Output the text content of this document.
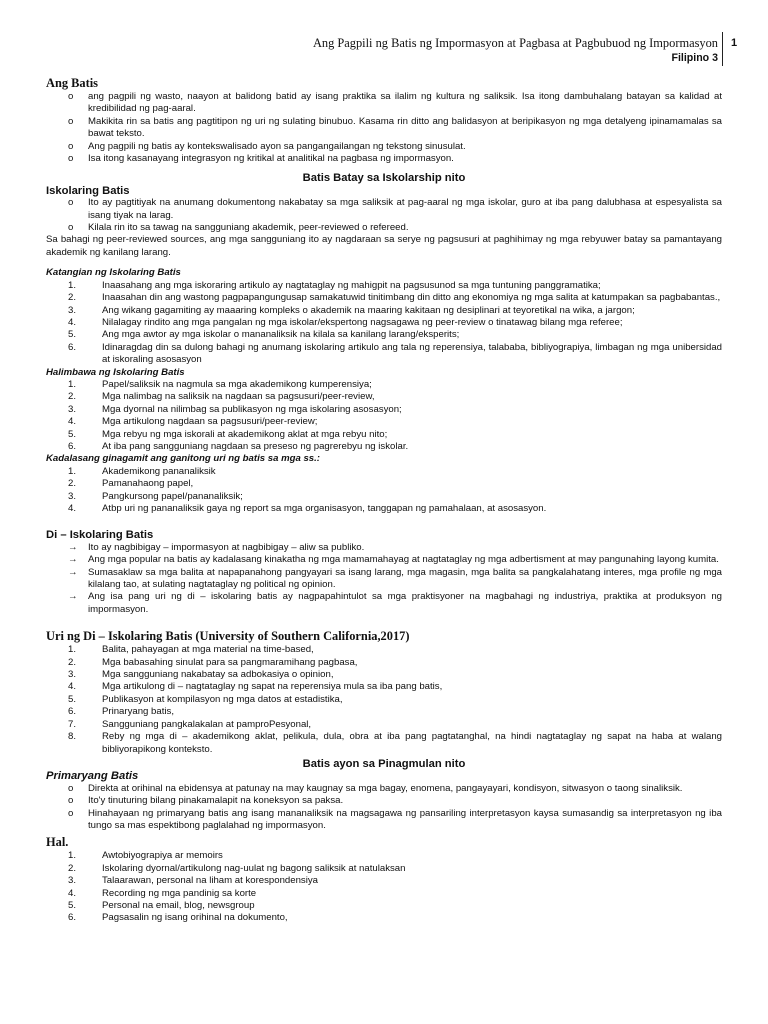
Ang Pagpili ng Batis ng Impormasyon at Pagbasa at Pagbubuod ng Impormasyon
Filipino 3
1
Ang Batis
o	ang pagpili ng wasto, naayon at balidong batid ay isang praktika sa ilalim ng kultura ng saliksik. Isa itong dambuhalang batayan sa kalidad at kredibilidad ng pag-aaral.
o	Makikita rin sa batis ang pagtitipon ng uri ng sulating binubuo. Kasama rin ditto ang balidasyon at beripikasyon ng mga detalyeng ipinamamalas sa bawat teksto.
o	Ang pagpili ng batis ay kontekswalisado ayon sa pangangailangan ng tekstong sinusulat.
o	Isa itong kasanayang integrasyon ng kritikal at analitikal na pagbasa ng impormasyon.
Batis Batay sa Iskolarship nito
Iskolaring Batis
o	Ito ay pagtitiyak na anumang dokumentong nakabatay sa mga saliksik at pag-aaral ng mga iskolar, guro at iba pang dalubhasa at espesyalista sa isang tiyak na larag.
o	Kilala rin ito sa tawag na sangguniang akademik, peer-reviewed o refereed.

Sa bahagi ng peer-reviewed sources, ang mga sangguniang ito ay nagdaraan sa serye ng pagsusuri at paghihimay ng mga rebyuwer batay sa pamantayang akademik ng kanilang larang.

Katangian ng Iskolaring Batis
1.	Inaasahang ang mga iskoraring artikulo ay nagtataglay ng mahigpit na pagsusunod sa mga tuntuning panggramatika;
2.	Inaasahan din ang wastong pagpapangungusap samakatuwid tinitimbang din ditto ang ekonomiya ng mga salita at katumpakan sa pagbabantas.,
3.	Ang wikang gagamiting ay maaaring kompleks o akademik na maaring kakitaan ng desiplinari at teyoretikal na wika, a jargon;
4.	Nilalagay rindito ang mga pangalan ng mga iskolar/ekspertong nagsagawa ng peer-review o tinatawag bilang mga referee;
5.	Ang mga awtor ay mga iskolar o mananaliksik na kilala sa kanilang larang/eksperits;
6.	Idinaragdag din sa dulong bahagi ng anumang iskolaring artikulo ang tala ng reperensiya, talababa, bibliyograpiya, limbagan ng mga unibersidad at iskoraling asosasyon
Halimbawa ng Iskolaring Batis
1.	Papel/saliksik na nagmula sa mga akademikong kumperensiya;
2.	Mga nalimbag na saliksik na nagdaan sa pagsusuri/peer-review,
3.	Mga dyornal na nilimbag sa publikasyon ng mga iskolaring asosasyon;
4.	Mga artikulong nagdaan sa pagsusuri/peer-review;
5.	Mga rebyu ng mga iskorali at akademikong aklat at mga rebyu nito;
6.	At iba pang sangguniang nagdaan sa preseso ng pagrerebyu ng iskolar.
Kadalasang ginagamit ang ganitong uri ng batis sa mga ss.:
1.	Akademikong pananaliksik
2.	Pamanahaong papel,
3.	Pangkursong papel/pananaliksik;
4.	Atbp uri ng pananaliksik gaya ng report sa mga organisasyon, tanggapan ng pamahalaan, at asosasyon.
Di – Iskolaring Batis
→	Ito ay nagbibigay – impormasyon at nagbibigay – aliw sa publiko.
→	Ang mga popular na batis ay kadalasang kinakatha ng mga mamamahayag at nagtataglay ng mga adbertisment at may pangunahing layong kumita.
→	Sumasaklaw sa mga balita at napapanahong pangyayari sa isang larang, mga magasin, mga balita sa pangkalahatang interes, mga profile ng mga kilalang tao, at sulating nagtataglay ng political ng opinion.
→	Ang isa pang uri ng di – iskolaring batis ay nagpapahintulot sa mga praktisyoner na magbahagi ng industriya, praktika at produksyon ng impormasyon.
Uri ng Di – Iskolaring Batis (University of Southern California,2017)
1.	Balita, pahayagan at mga material na time-based,
2.	Mga babasahing sinulat para sa pangmaramihang pagbasa,
3.	Mga sangguniang nakabatay sa adbokasiya o opinion,
4.	Mga artikulong di – nagtataglay ng sapat na reperensiya mula sa iba pang batis,
5.	Publikasyon at kompilasyon ng mga datos at estadistika,
6.	Prinaryang batis,
7.	Sangguniang pangkalakalan at pamproPesyonal,
8.	Reby ng mga di – akademikong aklat, pelikula, dula, obra at iba pang pagtatanghal, na hindi nagtataglay ng sapat na haba at walang bibliyorapikong konteksto.
Batis ayon sa Pinagmulan nito
Primaryang Batis
o	Direkta at orihinal na ebidensya at patunay na may kaugnay sa mga bagay, enomena, pangayayari, kondisyon, sitwasyon o taong sinaliksik.
o	Ito'y tinuturing bilang pinakamalapit na koneksyon sa paksa.
o	Hinahayaan ng primaryang batis ang isang mananaliksik na magsagawa ng pansariling interpretasyon kaysa sumasandig sa interpretasyon ng iba tungo sa mas espektibong paglalahad ng impormasyon.
Hal.
1.	Awtobiyograpiya ar memoirs
2.	Iskolaring dyornal/artikulong nag-uulat ng bagong saliksik at natulaksan
3.	Talaarawan, personal na liham at korespondensiya
4.	Recording ng mga pandinig sa korte
5.	Personal na email, blog, newsgroup
6.	Pagsasalin ng isang orihinal na dokumento,
